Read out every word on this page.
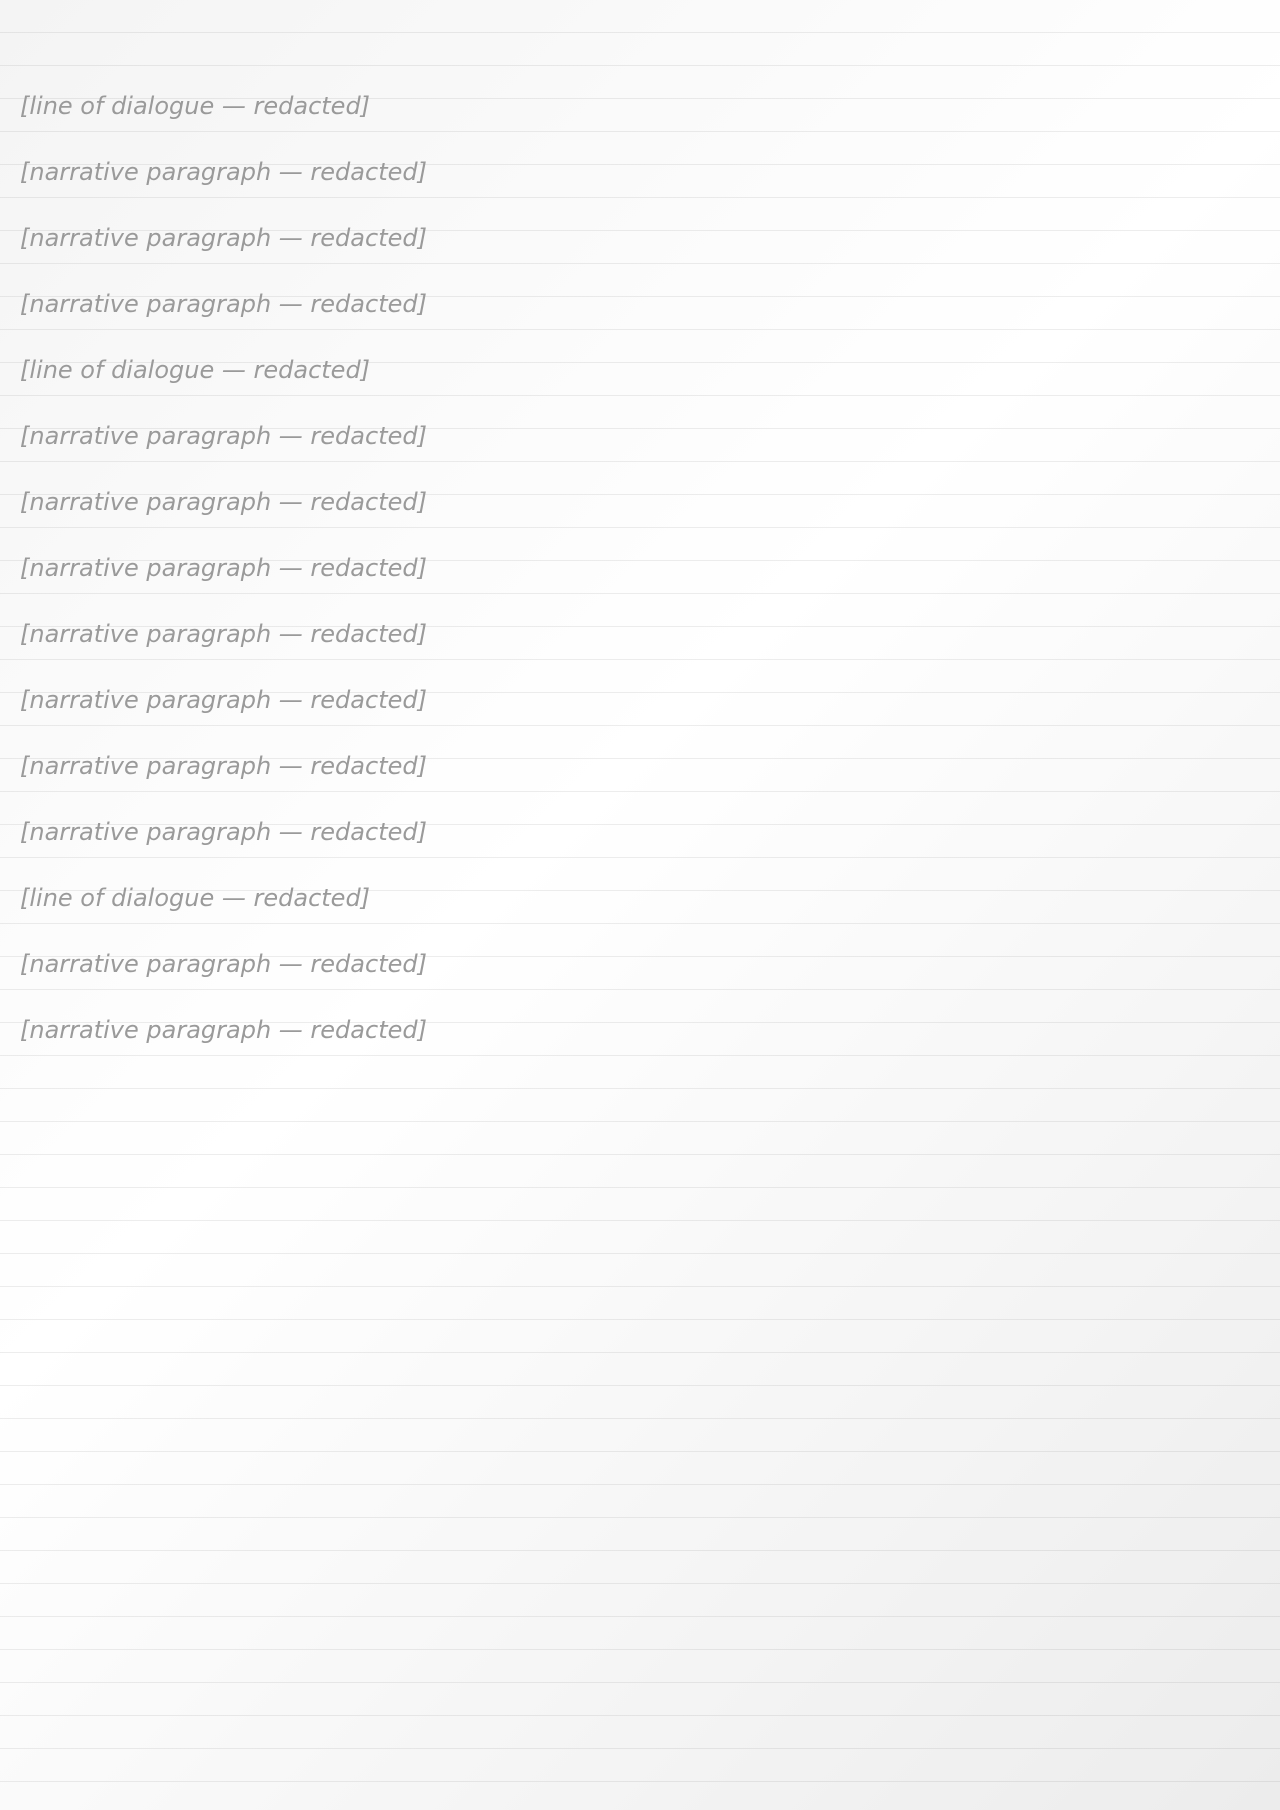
[line of dialogue — redacted]

[narrative paragraph — redacted]

[narrative paragraph — redacted]

[narrative paragraph — redacted]

[line of dialogue — redacted]

[narrative paragraph — redacted]

[narrative paragraph — redacted]

[narrative paragraph — redacted]

[narrative paragraph — redacted]

[narrative paragraph — redacted]

[narrative paragraph — redacted]

[narrative paragraph — redacted]

[line of dialogue — redacted]

[narrative paragraph — redacted]

[narrative paragraph — redacted]
